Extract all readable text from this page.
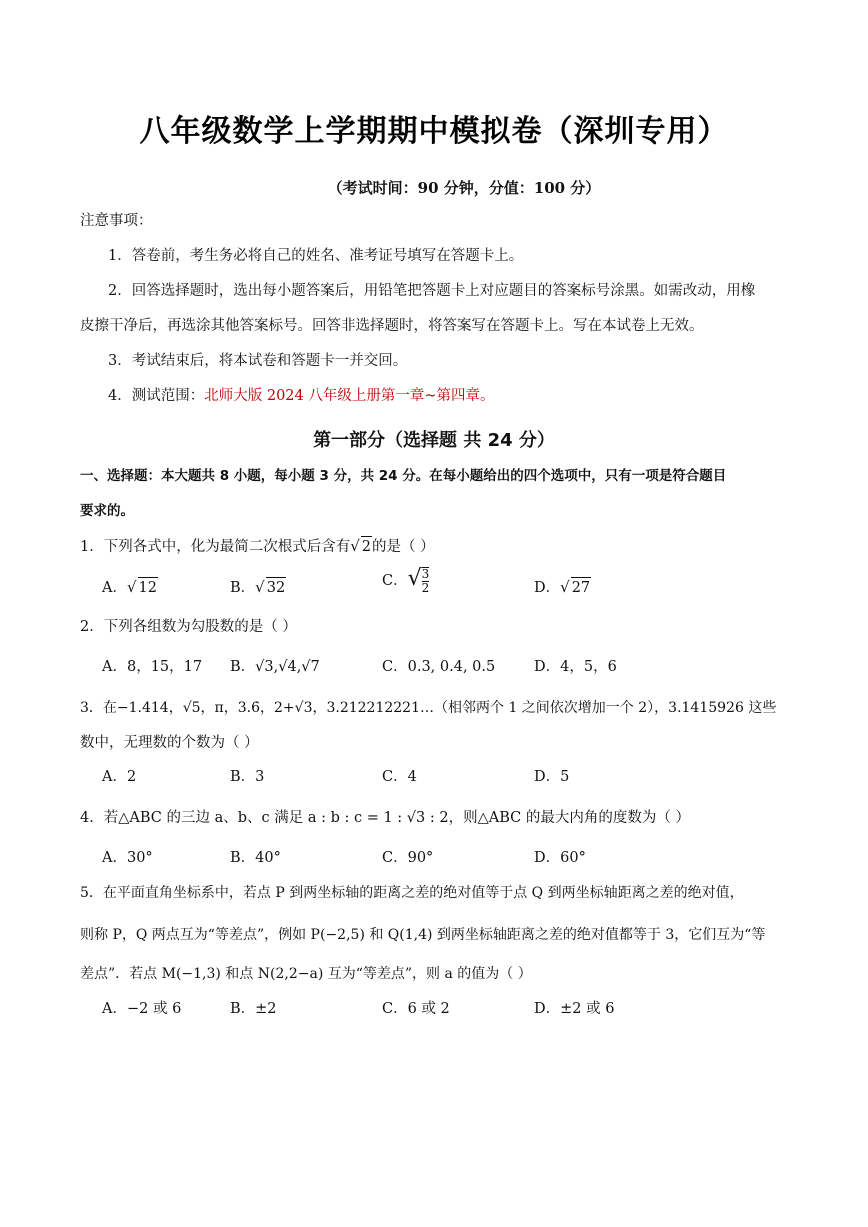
八年级数学上学期期中模拟卷（深圳专用）
（考试时间：90 分钟，分值：100 分）
注意事项：
1．答卷前，考生务必将自己的姓名、准考证号填写在答题卡上。
2．回答选择题时，选出每小题答案后，用铅笔把答题卡上对应题目的答案标号涂黑。如需改动，用橡
皮擦干净后，再选涂其他答案标号。回答非选择题时，将答案写在答题卡上。写在本试卷上无效。
3．考试结束后，将本试卷和答题卡一并交回。
4．测试范围：北师大版 2024 八年级上册第一章~第四章。
第一部分（选择题 共 24 分）
一、选择题：本大题共 8 小题，每小题 3 分，共 24 分。在每小题给出的四个选项中，只有一项是符合题目
要求的。
1．下列各式中，化为最简二次根式后含有√ 2的是（ ）
A．√ 12	B．√ 32	C．√ $\frac{3}{2}$	D．√ 27
2．下列各组数为勾股数的是（ ）
A．8，15，17 B．√3,√4,√7	C．0.3, 0.4, 0.5	D．4，5，6
3．在−1.414，√5，π，3.6̇，2+√3，3.212212221…（相邻两个 1 之间依次增加一个 2），3.1415926 这些
数中，无理数的个数为（ ）
A．2	B．3	C．4	D．5
4．若△ABC 的三边 a、b、c 满足 a : b : c = 1 : √3 : 2，则△ABC 的最大内角的度数为（ ）
A．30°	B．40°	C．90°	D．60°
5．在平面直角坐标系中，若点 P 到两坐标轴的距离之差的绝对值等于点 Q 到两坐标轴距离之差的绝对值，
则称 P，Q 两点互为“等差点”，例如 P(−2,5) 和 Q(1,4) 到两坐标轴距离之差的绝对值都等于 3，它们互为“等
差点”．若点 M(−1,3) 和点 N(2,2−a) 互为“等差点”，则 a 的值为（ ）
A．−2 或 6	B．±2	C．6 或 2	D．±2 或 6
